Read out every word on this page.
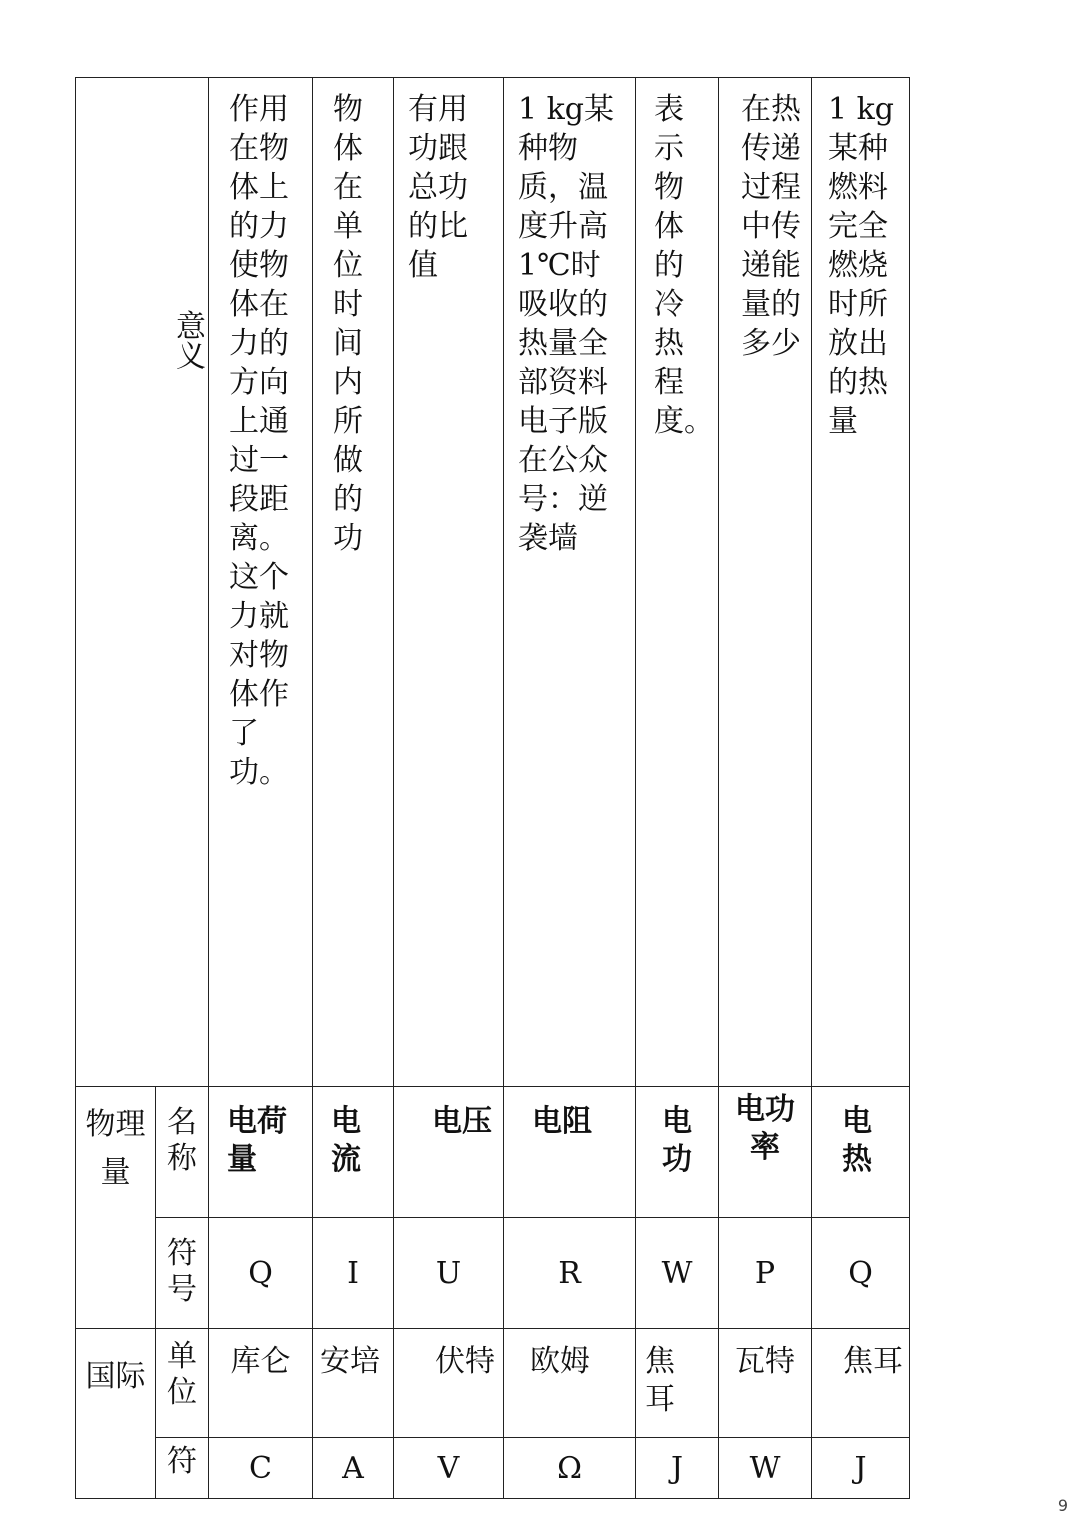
意义		作用在物体上的力使物体在力的方向上通过一段距离。这个力就对物体作了功。	物体在单位时间内所做的功	有用功跟总功的比值	1 kg某种物质，温度升高1℃时吸收的热量全部资料电子版在公众号：逆袭墙	表示物体的冷热程度。	在热传递过程中传递能量的多少	1 kg某种燃料完全燃烧时所放出的热量

物理量	名称	电荷量	电流	电压	电阻	电功	电功率	电热
	符号	Q	I	U	R	W	P	Q
国际	单位	库仑	安培	伏特	欧姆	焦耳	瓦特	焦耳
	符	C	A	V	Ω	J	W	J
9
